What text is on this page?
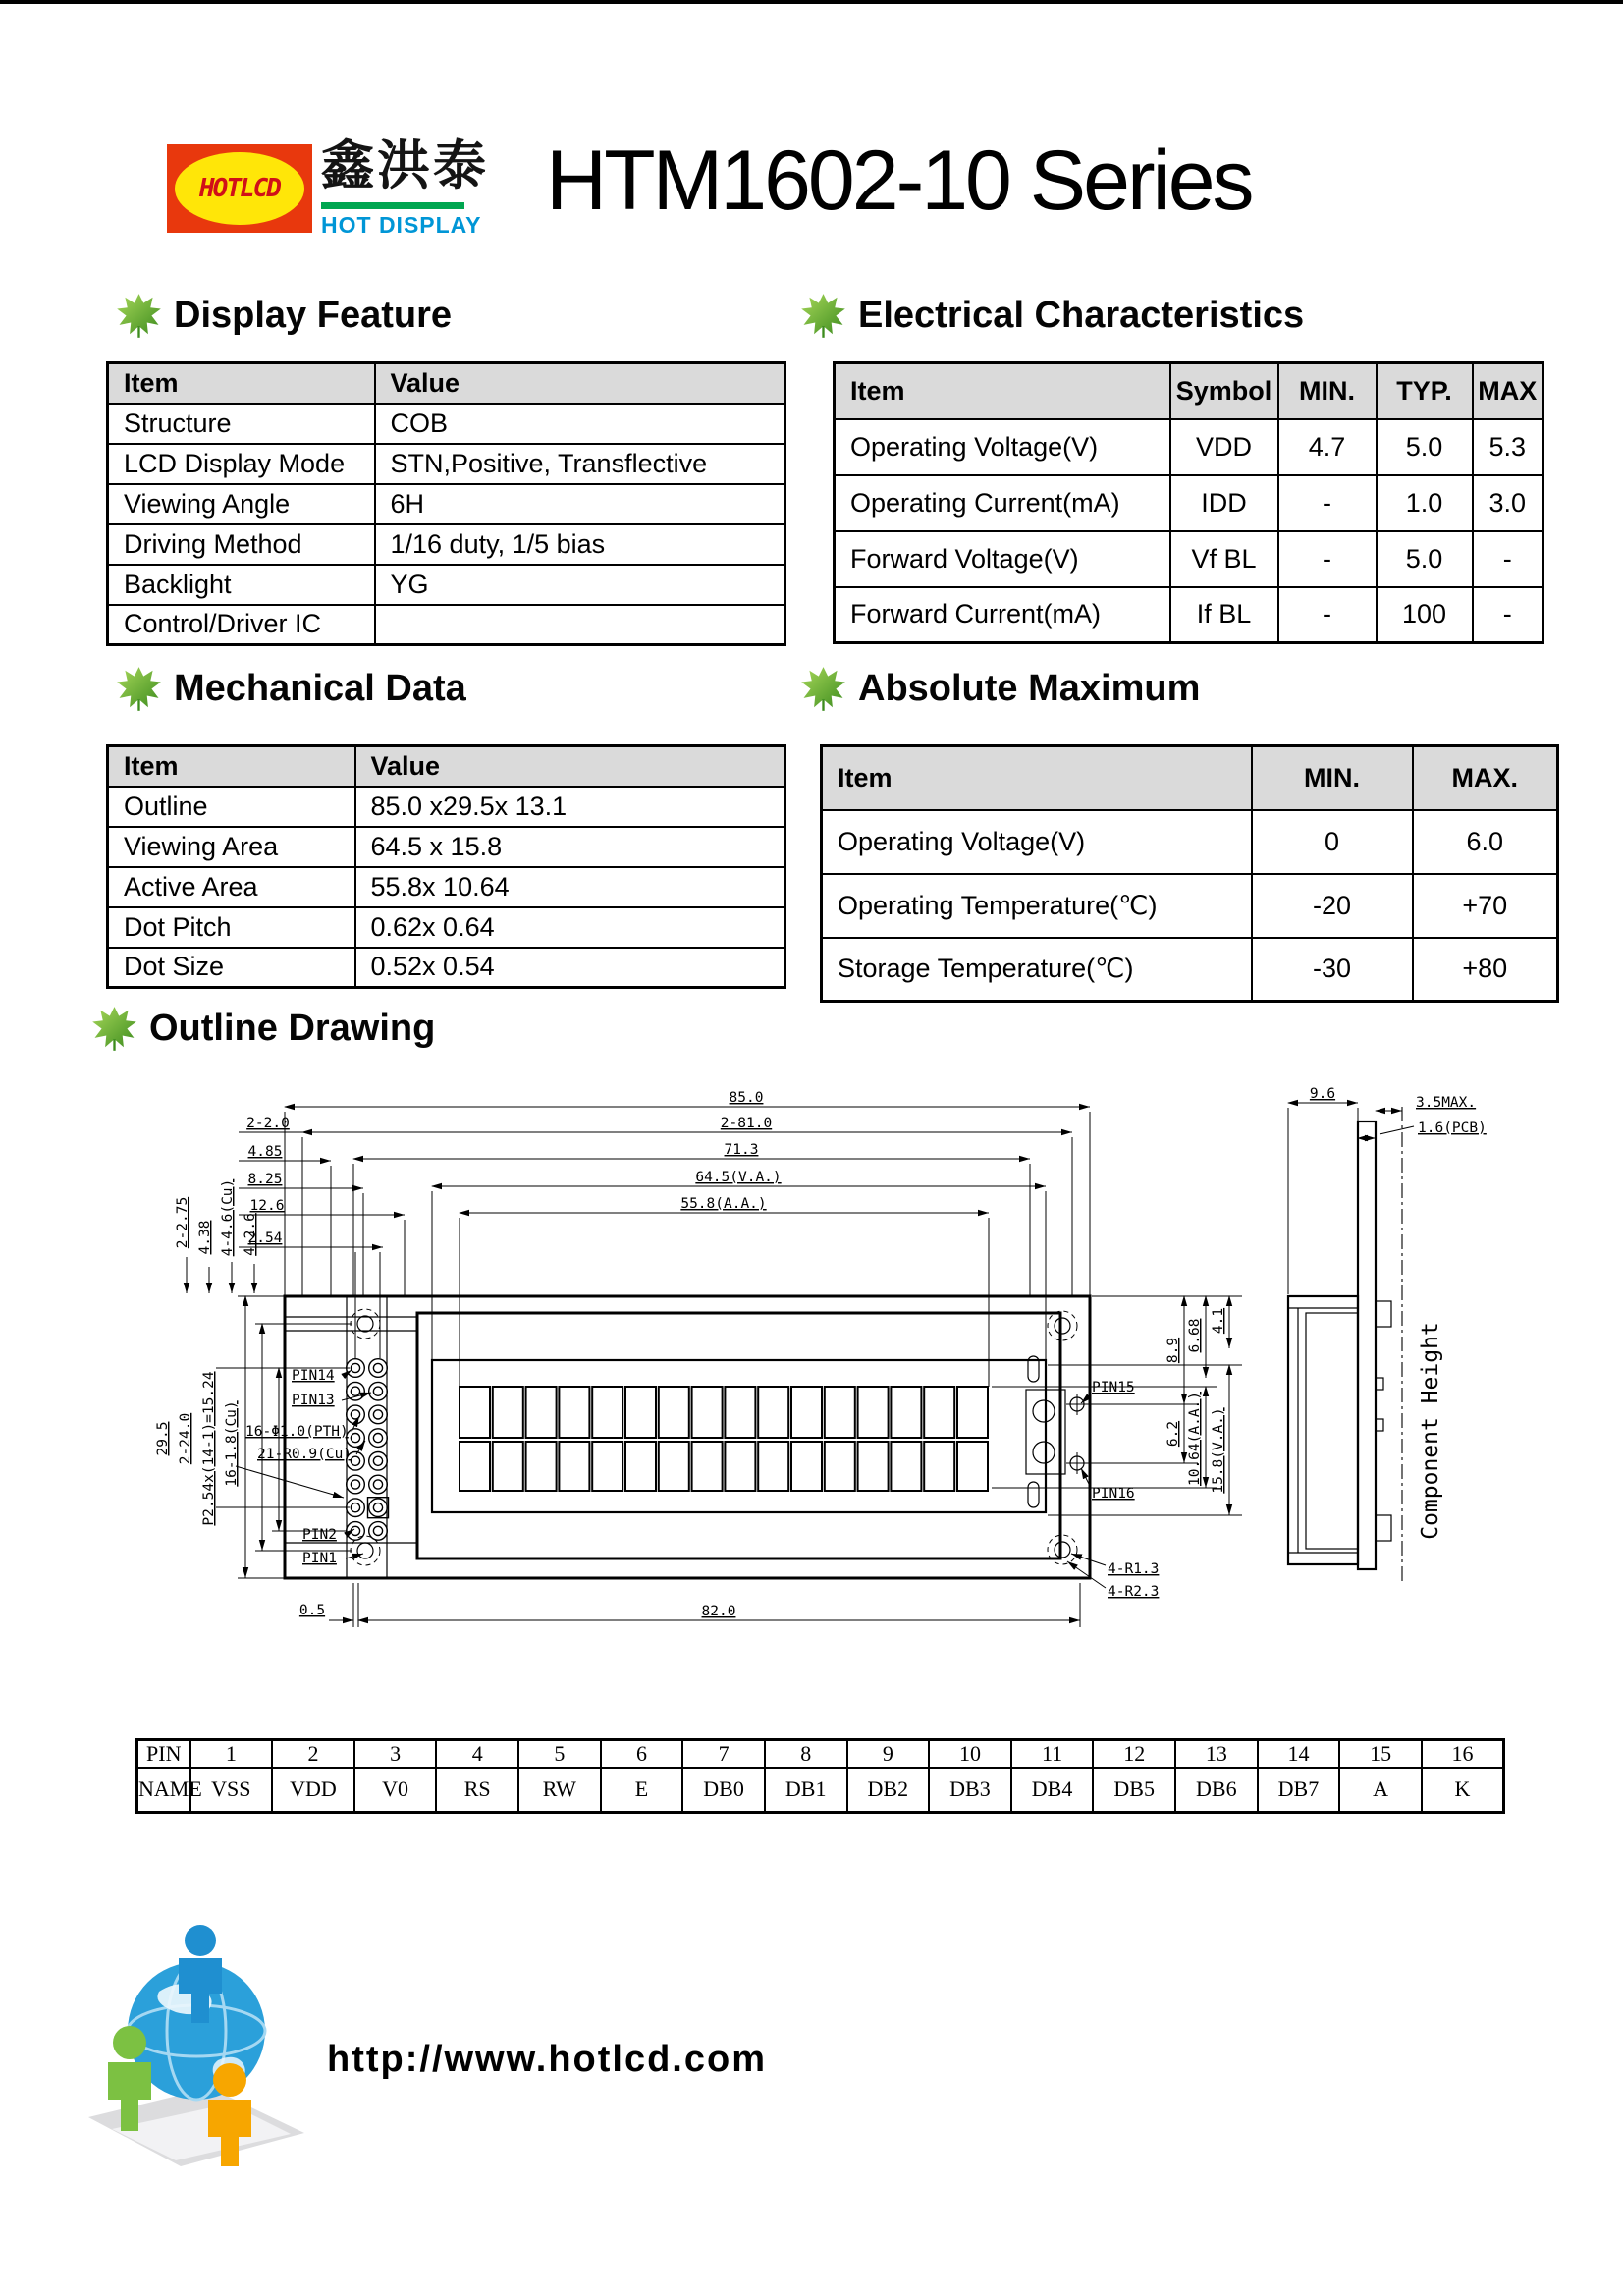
HOTLCD 鑫洪泰
HOT DISPLAY HTM1602-10 Series
Display Feature	Electrical Characteristics
Mechanical Data	Absolute Maximum
Outline Drawing
Item	Value
Structure	COB
LCD Display Mode	STN,Positive, Transflective
Viewing Angle	6H
Driving Method	1/16 duty, 1/5 bias
Backlight	YG
Control/Driver IC	
Item	Symbol	MIN.	TYP.	MAX
Operating Voltage(V)	VDD	4.7	5.0	5.3
Operating Current(mA)	IDD	-	1.0	3.0
Forward Voltage(V)	Vf BL	-	5.0	-
Forward Current(mA)	If BL	-	100	-
Item	Value
Outline	85.0 x29.5x 13.1
Viewing Area	64.5 x 15.8
Active Area	55.8x 10.64
Dot Pitch	0.62x 0.64
Dot Size	0.52x 0.54
Item	MIN.	MAX.
Operating Voltage(V)	0	6.0
Operating Temperature(℃)	-20	+70
Storage Temperature(℃)	-30	+80
85.0
2-81.0
71.3
64.5(V.A.)
55.8(A.A.)
2-2.0
4.85
8.25
12.6
2.54
2-2.75 4.38 4-4.6(Cu) 4-2.6
29.5 2-24.0 P2.54x(14-1)=15.24 16-1.8(Cu)
PIN14
PIN13
16-Φ1.0(PTH)
21-R0.9(Cu)
PIN2
PIN1
PIN15
PIN16
8.9 6.68 4.1
6.2 10.64(A.A.) 15.8(V.A.)
4-R1.3
4-R2.3
0.5	82.0
9.6
3.5MAX.
1.6(PCB)
Component Height
PIN	1	2	3	4	5	6	7	8	9	10	11	12	13	14	15	16
NAME	VSS	VDD	V0	RS	RW	E	DB0	DB1	DB2	DB3	DB4	DB5	DB6	DB7	A	K
http://www.hotlcd.com
